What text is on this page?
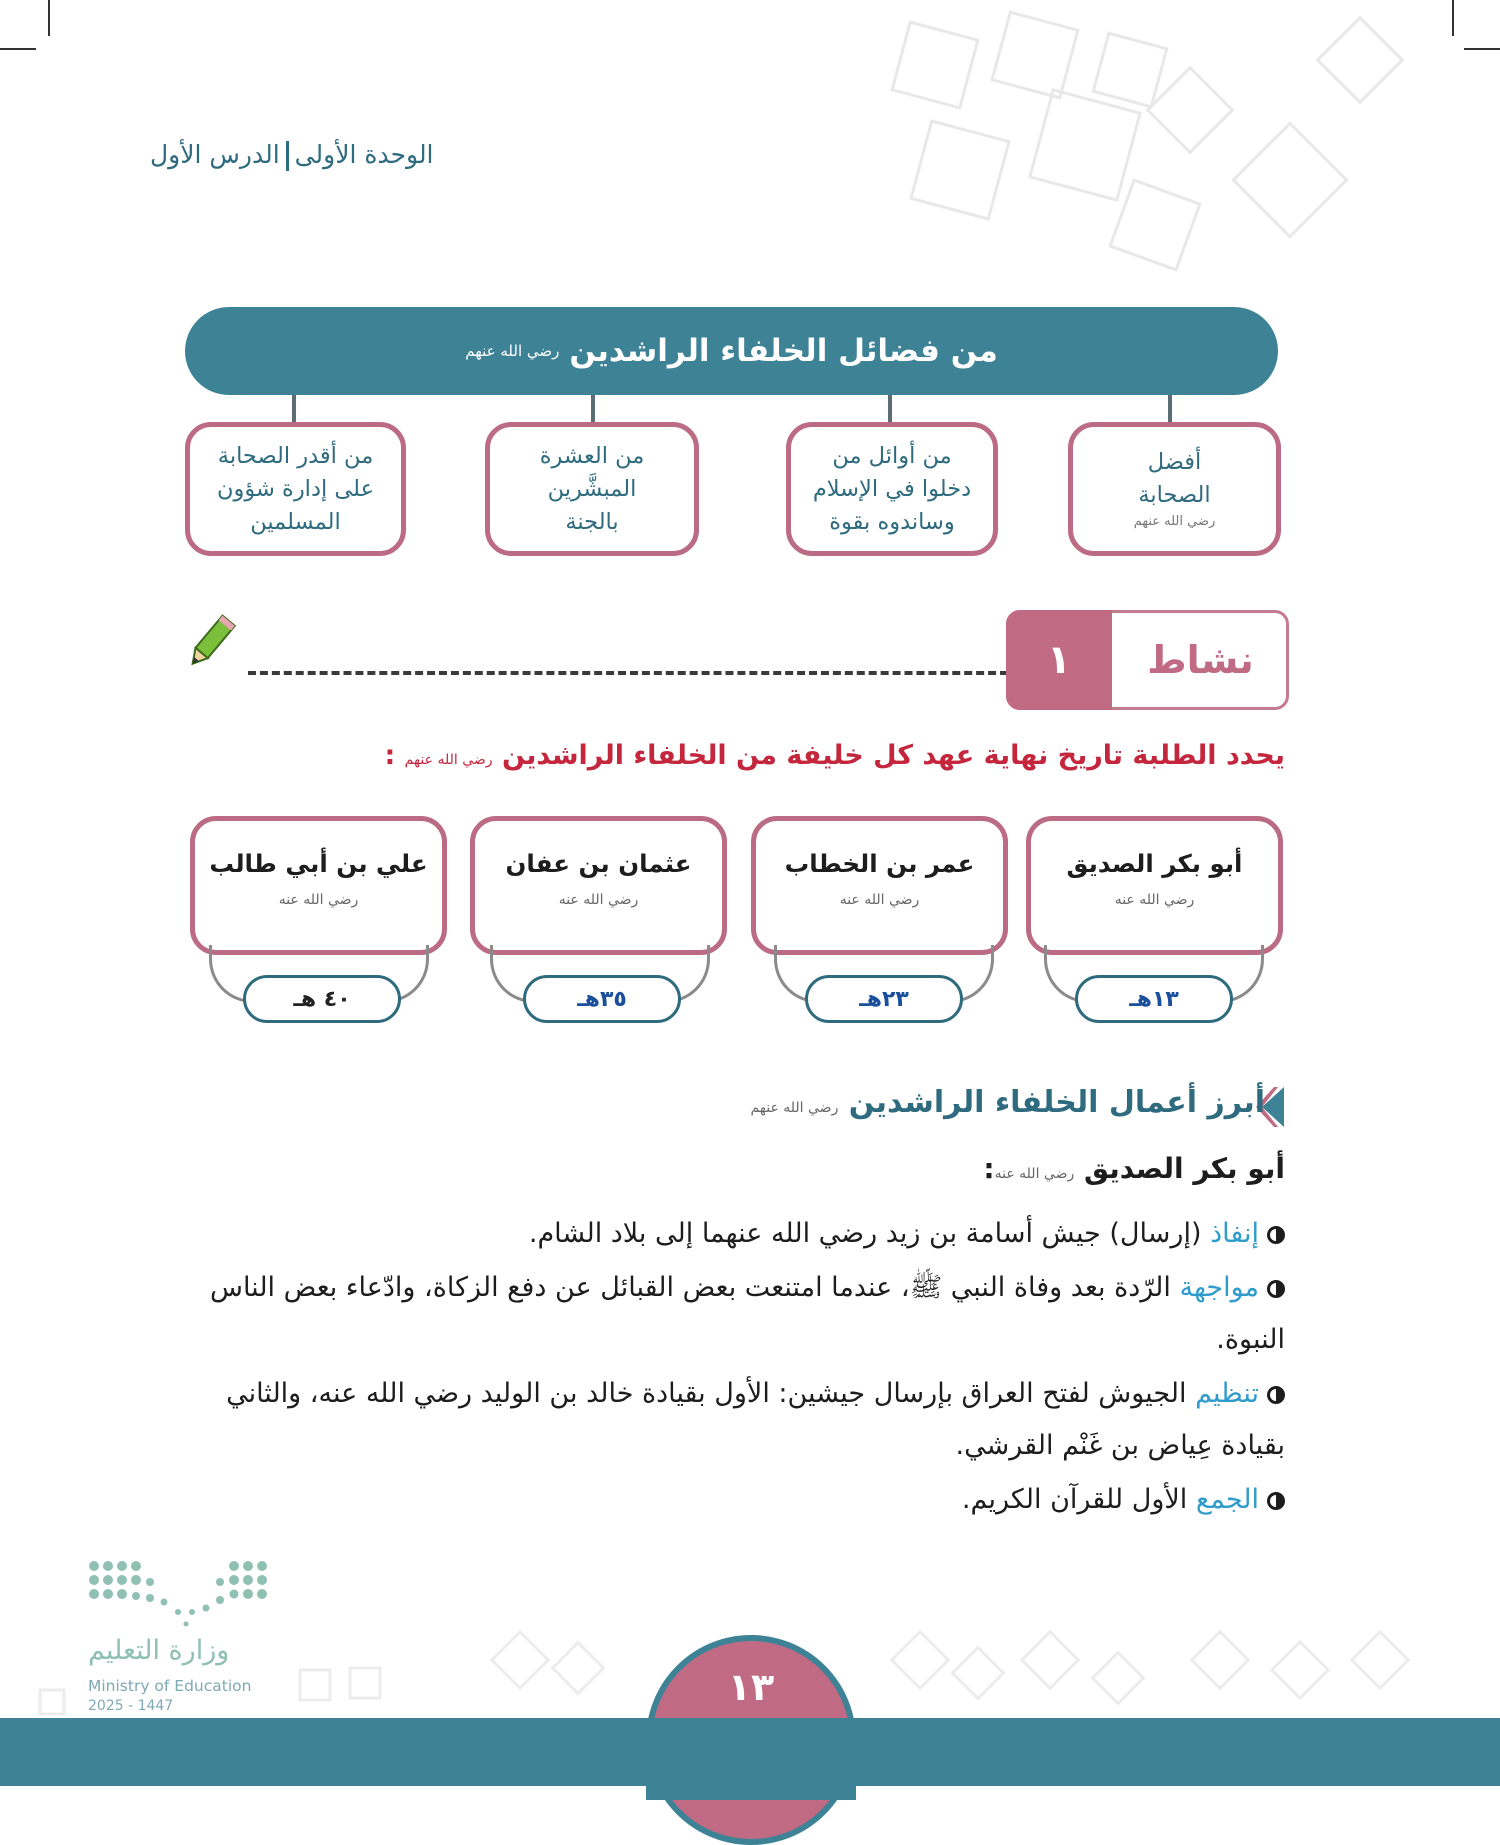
الوحدة الأولىالدرس الأول
من فضائل الخلفاء الراشدين
رضي الله عنهم
أفضل
الصحابة
رضي الله عنهم
من أوائل من
دخلوا في الإسلام
وساندوه بقوة
من العشرة
المبشَّرين
بالجنة
من أقدر الصحابة
على إدارة شؤون
المسلمين
١	نشاط
يحدد الطلبة تاريخ نهاية عهد كل خليفة من الخلفاء الراشدين رضي الله عنهم :
أبو بكر الصديق
رضي الله عنه
١٣هـ
عمر بن الخطاب
رضي الله عنه
٢٣هـ
عثمان بن عفان
رضي الله عنه
٣٥هـ
علي بن أبي طالب
رضي الله عنه
٤٠ هـ
أبرز أعمال الخلفاء الراشدين رضي الله عنهم
أبو بكر الصديق رضي الله عنه:
إنفاذ (إرسال) جيش أسامة بن زيد رضي الله عنهما إلى بلاد الشام.
مواجهة الرّدة بعد وفاة النبي ﷺ، عندما امتنعت بعض القبائل عن دفع الزكاة، وادّعاء بعض الناس النبوة.
تنظيم الجيوش لفتح العراق بإرسال جيشين: الأول بقيادة خالد بن الوليد رضي الله عنه، والثاني بقيادة عِياض بن غَنْم القرشي.
الجمع الأول للقرآن الكريم.
وزارة التعليم
Ministry of Education
2025 - 1447	١٣
